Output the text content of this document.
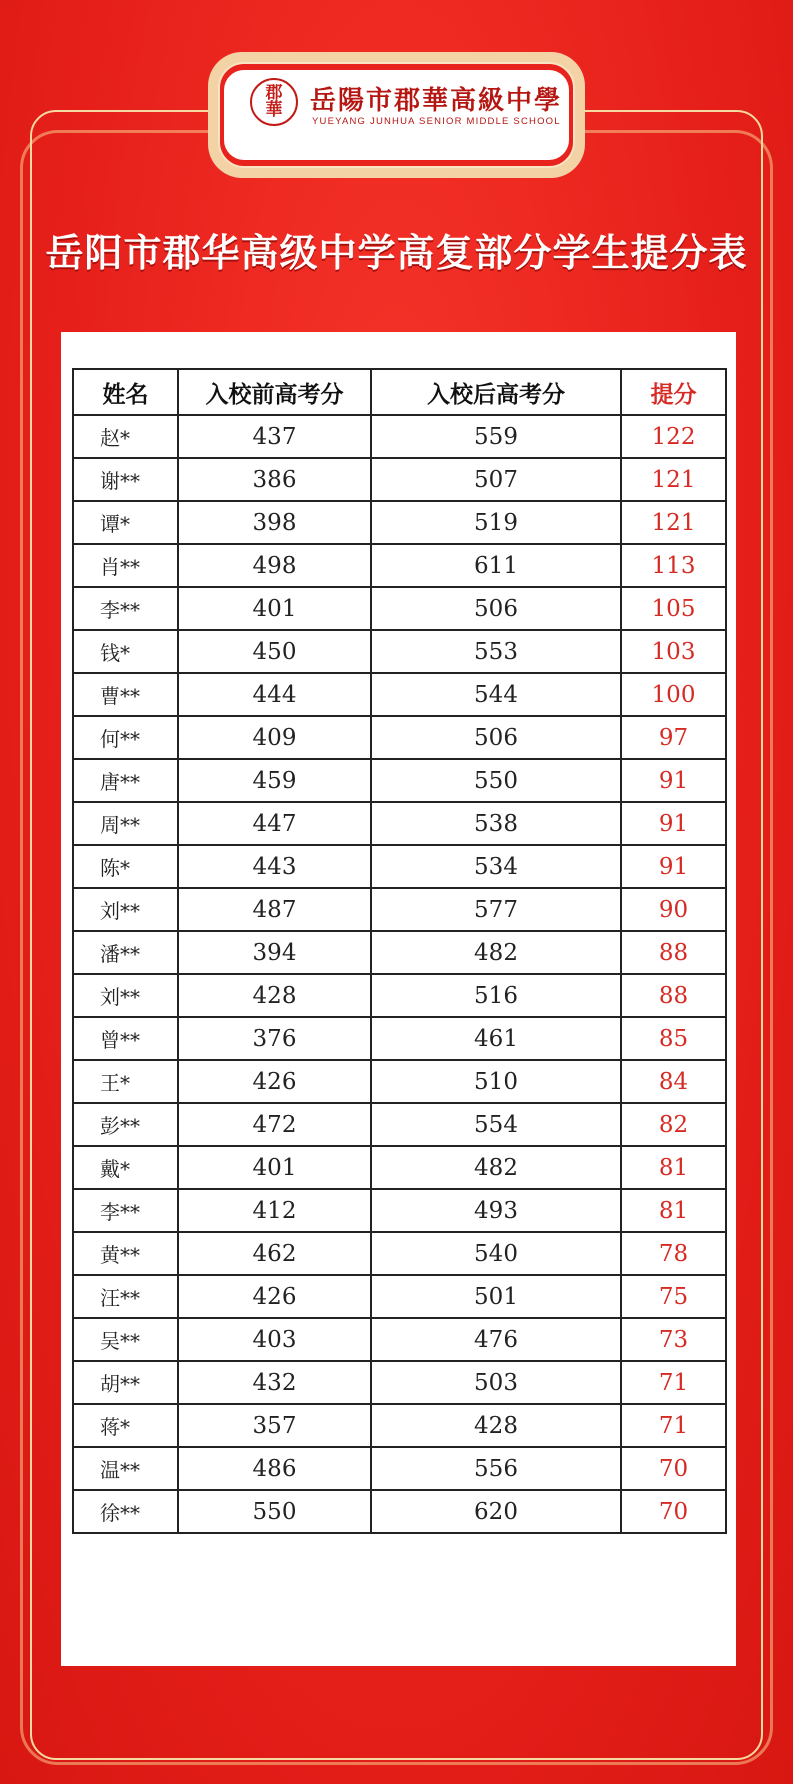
郡華 岳陽市郡華高級中學
YUEYANG JUNHUA SENIOR MIDDLE SCHOOL
岳阳市郡华高级中学高复部分学生提分表
姓名	入校前高考分	入校后高考分	提分
赵*	437	559	122
谢**	386	507	121
谭*	398	519	121
肖**	498	611	113
李**	401	506	105
钱*	450	553	103
曹**	444	544	100
何**	409	506	97
唐**	459	550	91
周**	447	538	91
陈*	443	534	91
刘**	487	577	90
潘**	394	482	88
刘**	428	516	88
曾**	376	461	85
王*	426	510	84
彭**	472	554	82
戴*	401	482	81
李**	412	493	81
黄**	462	540	78
汪**	426	501	75
吴**	403	476	73
胡**	432	503	71
蒋*	357	428	71
温**	486	556	70
徐**	550	620	70
